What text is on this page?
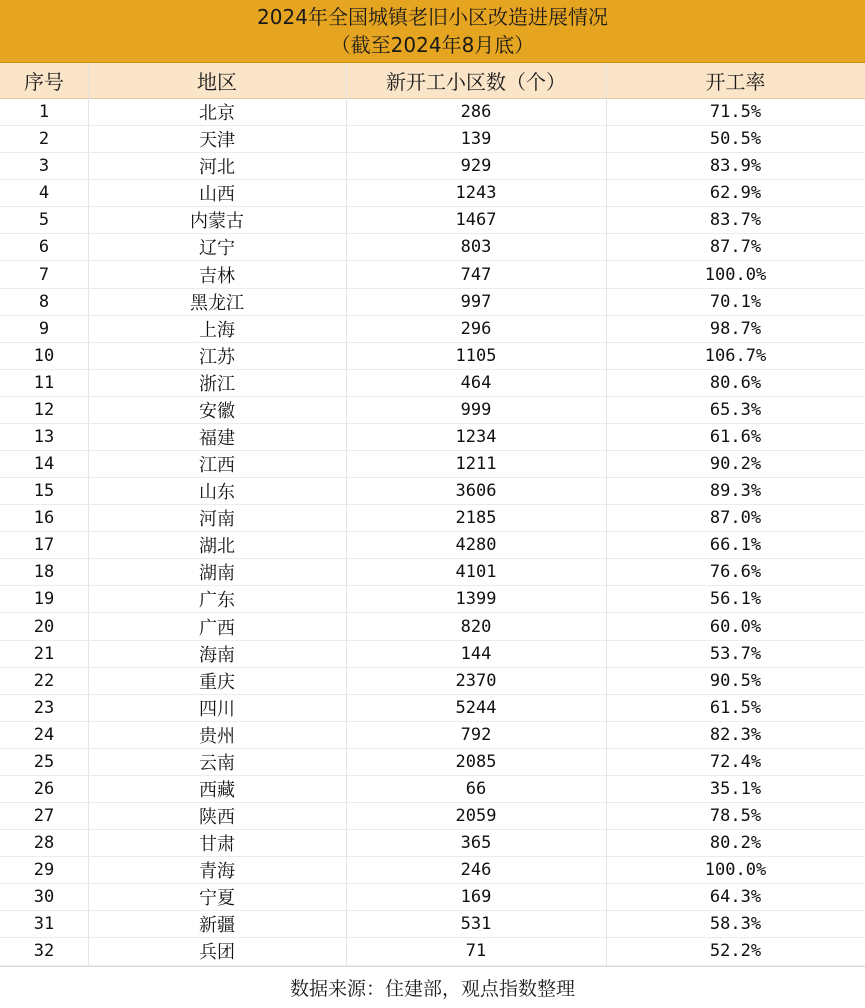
2024年全国城镇老旧小区改造进展情况
（截至2024年8月底）
序号	地区	新开工小区数（个）	开工率
1	北京	286	71.5%
2	天津	139	50.5%
3	河北	929	83.9%
4	山西	1243	62.9%
5	内蒙古	1467	83.7%
6	辽宁	803	87.7%
7	吉林	747	100.0%
8	黑龙江	997	70.1%
9	上海	296	98.7%
10	江苏	1105	106.7%
11	浙江	464	80.6%
12	安徽	999	65.3%
13	福建	1234	61.6%
14	江西	1211	90.2%
15	山东	3606	89.3%
16	河南	2185	87.0%
17	湖北	4280	66.1%
18	湖南	4101	76.6%
19	广东	1399	56.1%
20	广西	820	60.0%
21	海南	144	53.7%
22	重庆	2370	90.5%
23	四川	5244	61.5%
24	贵州	792	82.3%
25	云南	2085	72.4%
26	西藏	66	35.1%
27	陕西	2059	78.5%
28	甘肃	365	80.2%
29	青海	246	100.0%
30	宁夏	169	64.3%
31	新疆	531	58.3%
32	兵团	71	52.2%
数据来源：住建部，观点指数整理
